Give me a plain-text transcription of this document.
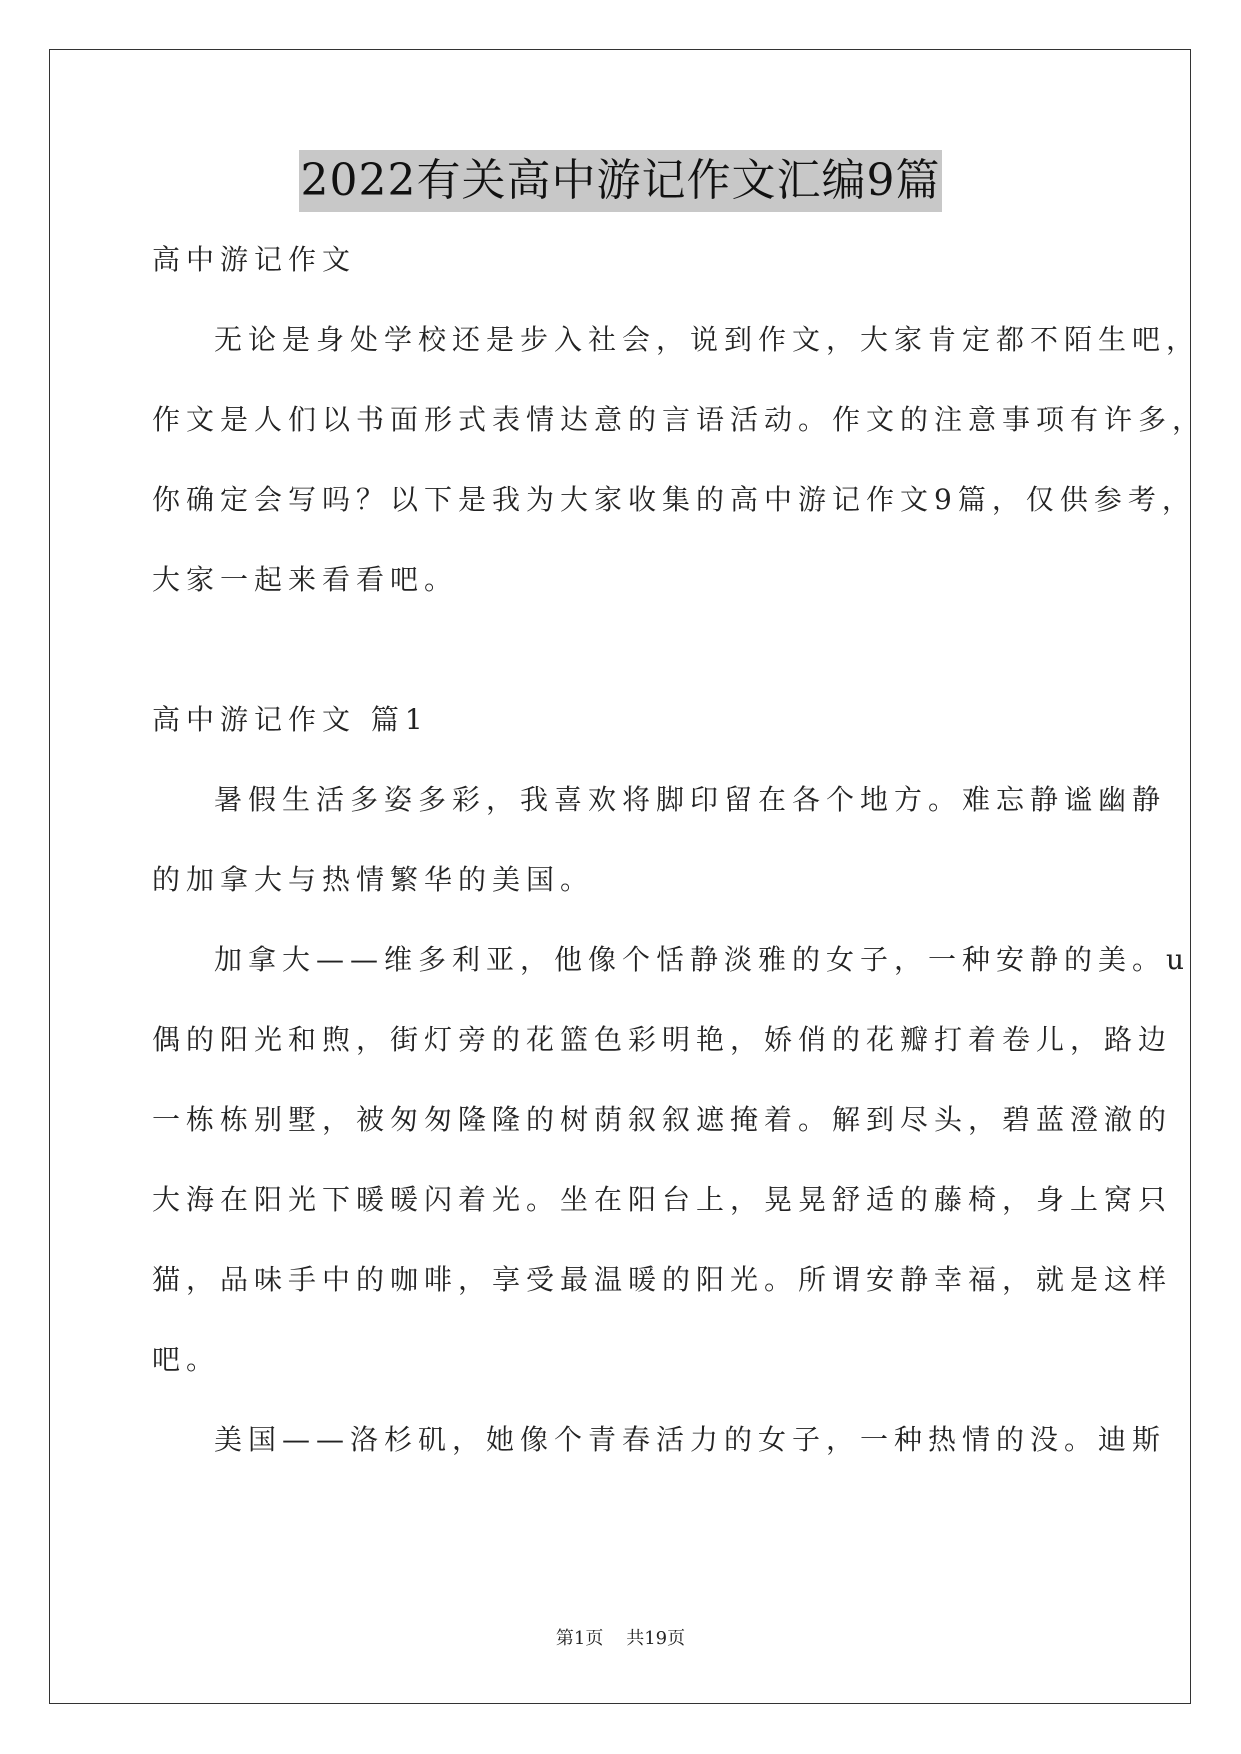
2022有关高中游记作文汇编9篇
高中游记作文
无论是身处学校还是步入社会，说到作文，大家肯定都不陌生吧，
作文是人们以书面形式表情达意的言语活动。作文的注意事项有许多，
你确定会写吗？以下是我为大家收集的高中游记作文9篇，仅供参考，
大家一起来看看吧。
高中游记作文 篇1
暑假生活多姿多彩，我喜欢将脚印留在各个地方。难忘静谧幽静
的加拿大与热情繁华的美国。
加拿大——维多利亚，他像个恬静淡雅的女子，一种安静的美。u
偶的阳光和煦，街灯旁的花篮色彩明艳，娇俏的花瓣打着卷儿，路边
一栋栋别墅，被匆匆隆隆的树荫叙叙遮掩着。解到尽头，碧蓝澄澈的
大海在阳光下暖暖闪着光。坐在阳台上，晃晃舒适的藤椅，身上窝只
猫，品味手中的咖啡，享受最温暖的阳光。所谓安静幸福，就是这样
吧。
美国——洛杉矶，她像个青春活力的女子，一种热情的没。迪斯
第1页    共19页
